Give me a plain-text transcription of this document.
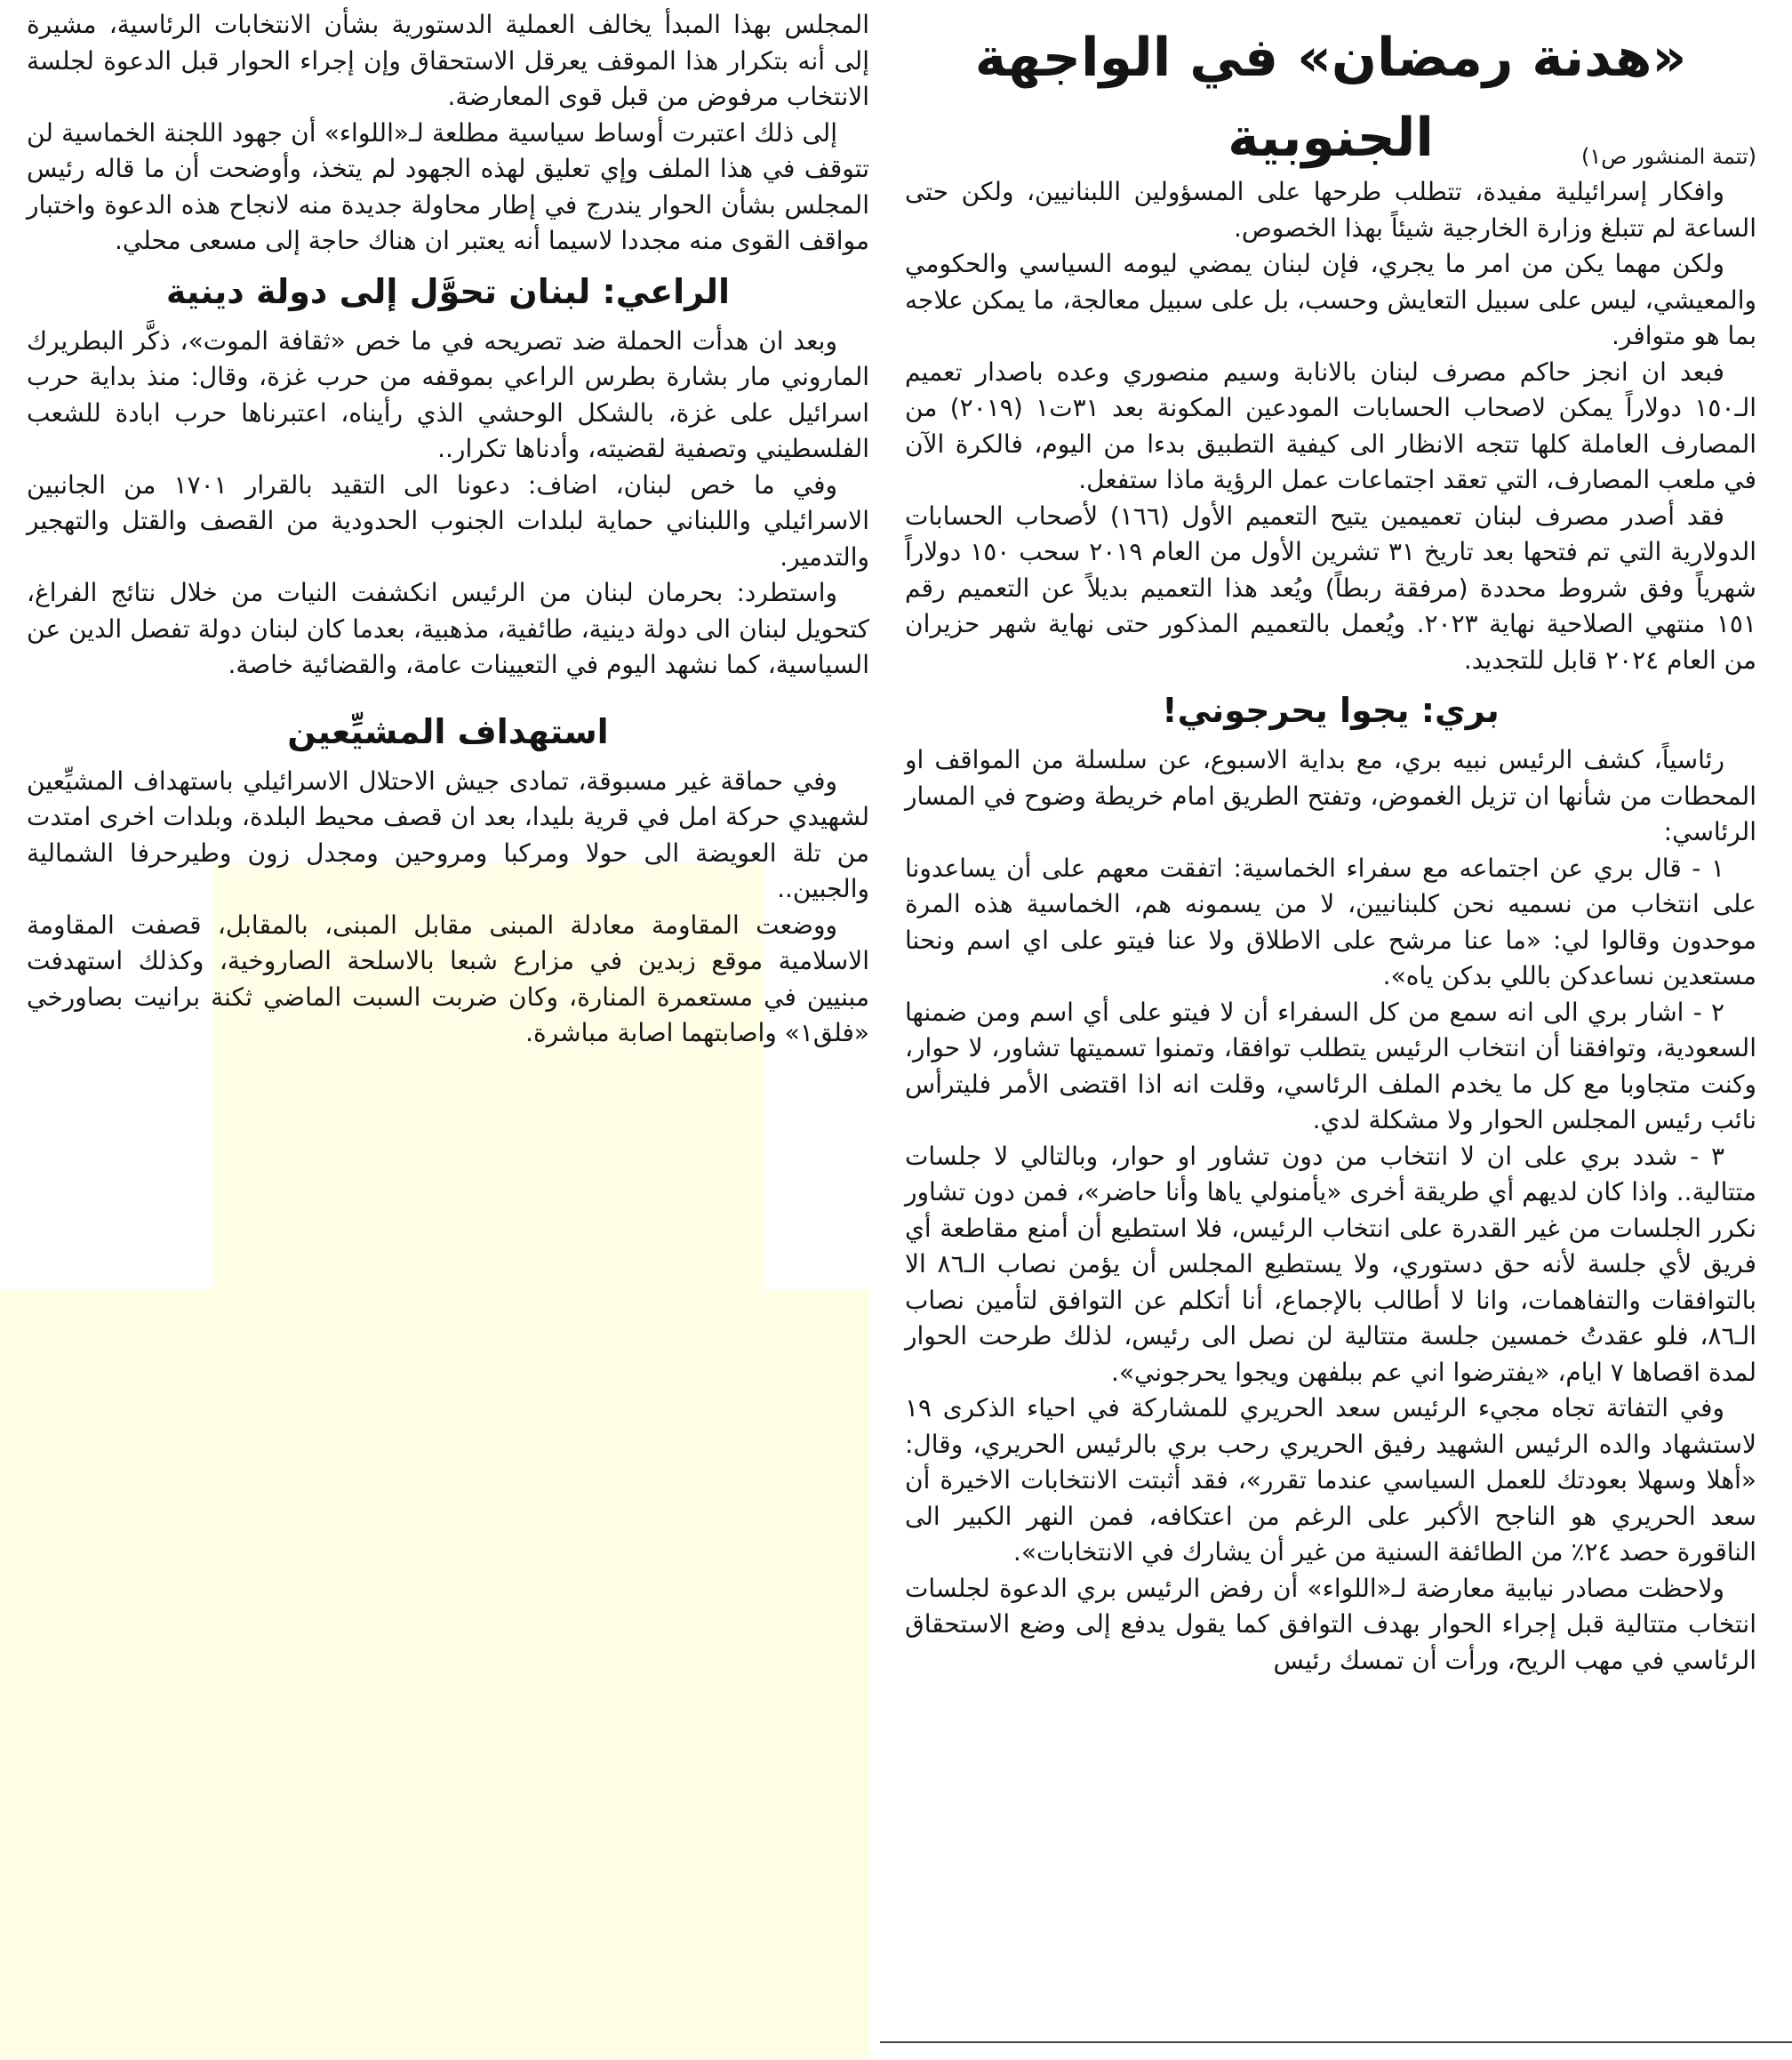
«هدنة رمضان» في الواجهة الجنوبية	(تتمة المنشور ص١)

وافكار إسرائيلية مفيدة، تتطلب طرحها على المسؤولين اللبنانيين، ولكن حتى الساعة لم تتبلغ وزارة الخارجية شيئاً بهذا الخصوص.

ولكن مهما يكن من امر ما يجري، فإن لبنان يمضي ليومه السياسي والحكومي والمعيشي، ليس على سبيل التعايش وحسب، بل على سبيل معالجة، ما يمكن علاجه بما هو متوافر.

فبعد ان انجز حاكم مصرف لبنان بالانابة وسيم منصوري وعده باصدار تعميم الـ١٥٠ دولاراً يمكن لاصحاب الحسابات المودعين المكونة بعد ٣١ت١ (٢٠١٩) من المصارف العاملة كلها تتجه الانظار الى كيفية التطبيق بدءا من اليوم، فالكرة الآن في ملعب المصارف، التي تعقد اجتماعات عمل الرؤية ماذا ستفعل.

فقد أصدر مصرف لبنان تعميمين يتيح التعميم الأول (١٦٦) لأصحاب الحسابات الدولارية التي تم فتحها بعد تاريخ ٣١ تشرين الأول من العام ٢٠١٩ سحب ١٥٠ دولاراً شهرياً وفق شروط محددة (مرفقة ربطاً) ويُعد هذا التعميم بديلاً عن التعميم رقم ١٥١ منتهي الصلاحية نهاية ٢٠٢٣. ويُعمل بالتعميم المذكور حتى نهاية شهر حزيران من العام ٢٠٢٤ قابل للتجديد.

بري: يجوا يحرجوني!

رئاسياً، كشف الرئيس نبيه بري، مع بداية الاسبوع، عن سلسلة من المواقف او المحطات من شأنها ان تزيل الغموض، وتفتح الطريق امام خريطة وضوح في المسار الرئاسي:

١ - قال بري عن اجتماعه مع سفراء الخماسية: اتفقت معهم على أن يساعدونا على انتخاب من نسميه نحن كلبنانيين، لا من يسمونه هم، الخماسية هذه المرة موحدون وقالوا لي: «ما عنا مرشح على الاطلاق ولا عنا فيتو على اي اسم ونحنا مستعدين نساعدكن باللي بدكن ياه».

٢ - اشار بري الى انه سمع من كل السفراء أن لا فيتو على أي اسم ومن ضمنها السعودية، وتوافقنا أن انتخاب الرئيس يتطلب توافقا، وتمنوا تسميتها تشاور، لا حوار، وكنت متجاوبا مع كل ما يخدم الملف الرئاسي، وقلت انه اذا اقتضى الأمر فليترأس نائب رئيس المجلس الحوار ولا مشكلة لدي.

٣ - شدد بري على ان لا انتخاب من دون تشاور او حوار، وبالتالي لا جلسات متتالية.. واذا كان لديهم أي طريقة أخرى «يأمنولي ياها وأنا حاضر»، فمن دون تشاور نكرر الجلسات من غير القدرة على انتخاب الرئيس، فلا استطيع أن أمنع مقاطعة أي فريق لأي جلسة لأنه حق دستوري، ولا يستطيع المجلس أن يؤمن نصاب الـ٨٦ الا بالتوافقات والتفاهمات، وانا لا أطالب بالإجماع، أنا أتكلم عن التوافق لتأمين نصاب الـ٨٦، فلو عقدتُ خمسين جلسة متتالية لن نصل الى رئيس، لذلك طرحت الحوار لمدة اقصاها ٧ ايام، «يفترضوا اني عم ببلفهن ويجوا يحرجوني».

وفي التفاتة تجاه مجيء الرئيس سعد الحريري للمشاركة في احياء الذكرى ١٩ لاستشهاد والده الرئيس الشهيد رفيق الحريري رحب بري بالرئيس الحريري، وقال: «أهلا وسهلا بعودتك للعمل السياسي عندما تقرر»، فقد أثبتت الانتخابات الاخيرة أن سعد الحريري هو الناجح الأكبر على الرغم من اعتكافه، فمن النهر الكبير الى الناقورة حصد ٢٤٪ من الطائفة السنية من غير أن يشارك في الانتخابات».

ولاحظت مصادر نيابية معارضة لـ«اللواء» أن رفض الرئيس بري الدعوة لجلسات انتخاب متتالية قبل إجراء الحوار بهدف التوافق كما يقول يدفع إلى وضع الاستحقاق الرئاسي في مهب الريح، ورأت أن تمسك رئيس

المجلس بهذا المبدأ يخالف العملية الدستورية بشأن الانتخابات الرئاسية، مشيرة إلى أنه بتكرار هذا الموقف يعرقل الاستحقاق وإن إجراء الحوار قبل الدعوة لجلسة الانتخاب مرفوض من قبل قوى المعارضة.

إلى ذلك اعتبرت أوساط سياسية مطلعة لـ«اللواء» أن جهود اللجنة الخماسية لن تتوقف في هذا الملف وإي تعليق لهذه الجهود لم يتخذ، وأوضحت أن ما قاله رئيس المجلس بشأن الحوار يندرج في إطار محاولة جديدة منه لانجاح هذه الدعوة واختبار مواقف القوى منه مجددا لاسيما أنه يعتبر ان هناك حاجة إلى مسعى محلي.

الراعي: لبنان تحوَّل إلى دولة دينية

وبعد ان هدأت الحملة ضد تصريحه في ما خص «ثقافة الموت»، ذكَّر البطريرك الماروني مار بشارة بطرس الراعي بموقفه من حرب غزة، وقال: منذ بداية حرب اسرائيل على غزة، بالشكل الوحشي الذي رأيناه، اعتبرناها حرب ابادة للشعب الفلسطيني وتصفية لقضيته، وأدناها تكرار..

وفي ما خص لبنان، اضاف: دعونا الى التقيد بالقرار ١٧٠١ من الجانبين الاسرائيلي واللبناني حماية لبلدات الجنوب الحدودية من القصف والقتل والتهجير والتدمير.

واستطرد: بحرمان لبنان من الرئيس انكشفت النيات من خلال نتائج الفراغ، كتحويل لبنان الى دولة دينية، طائفية، مذهبية، بعدما كان لبنان دولة تفصل الدين عن السياسية، كما نشهد اليوم في التعيينات عامة، والقضائية خاصة.

استهداف المشيِّعين

وفي حماقة غير مسبوقة، تمادى جيش الاحتلال الاسرائيلي باستهداف المشيِّعين لشهيدي حركة امل في قرية بليدا، بعد ان قصف محيط البلدة، وبلدات اخرى امتدت من تلة العويضة الى حولا ومركبا ومروحين ومجدل زون وطيرحرفا الشمالية والجبين..

ووضعت المقاومة معادلة المبنى مقابل المبنى، بالمقابل، قصفت المقاومة الاسلامية موقع زبدين في مزارع شبعا بالاسلحة الصاروخية، وكذلك استهدفت مبنيين في مستعمرة المنارة، وكان ضربت السبت الماضي ثكنة برانيت بصاورخي «فلق١» واصابتهما اصابة مباشرة.
